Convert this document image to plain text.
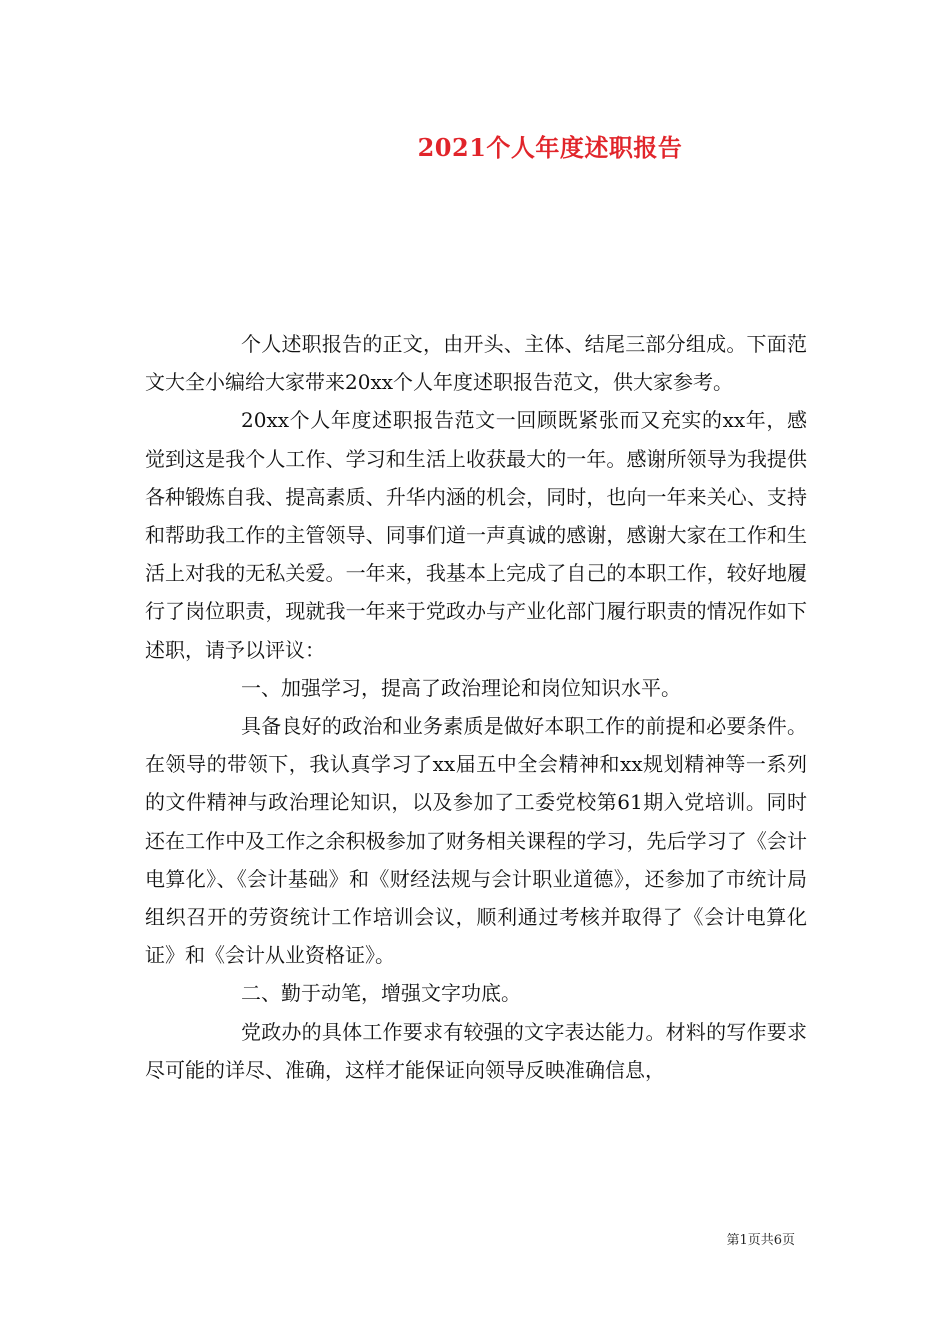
2021个人年度述职报告

个人述职报告的正文，由开头、主体、结尾三部分组成。下面范文大全小编给大家带来20xx个人年度述职报告范文，供大家参考。

20xx个人年度述职报告范文一回顾既紧张而又充实的xx年，感觉到这是我个人工作、学习和生活上收获最大的一年。感谢所领导为我提供各种锻炼自我、提高素质、升华内涵的机会，同时，也向一年来关心、支持和帮助我工作的主管领导、同事们道一声真诚的感谢，感谢大家在工作和生活上对我的无私关爱。一年来，我基本上完成了自己的本职工作，较好地履行了岗位职责，现就我一年来于党政办与产业化部门履行职责的情况作如下述职，请予以评议：

一、加强学习，提高了政治理论和岗位知识水平。

具备良好的政治和业务素质是做好本职工作的前提和必要条件。在领导的带领下，我认真学习了xx届五中全会精神和xx规划精神等一系列的文件精神与政治理论知识，以及参加了工委党校第61期入党培训。同时还在工作中及工作之余积极参加了财务相关课程的学习，先后学习了《会计电算化》、《会计基础》和《财经法规与会计职业道德》，还参加了市统计局组织召开的劳资统计工作培训会议，顺利通过考核并取得了《会计电算化证》和《会计从业资格证》。

二、勤于动笔，增强文字功底。

党政办的具体工作要求有较强的文字表达能力。材料的写作要求尽可能的详尽、准确，这样才能保证向领导反映准确信息，

第1页共6页
